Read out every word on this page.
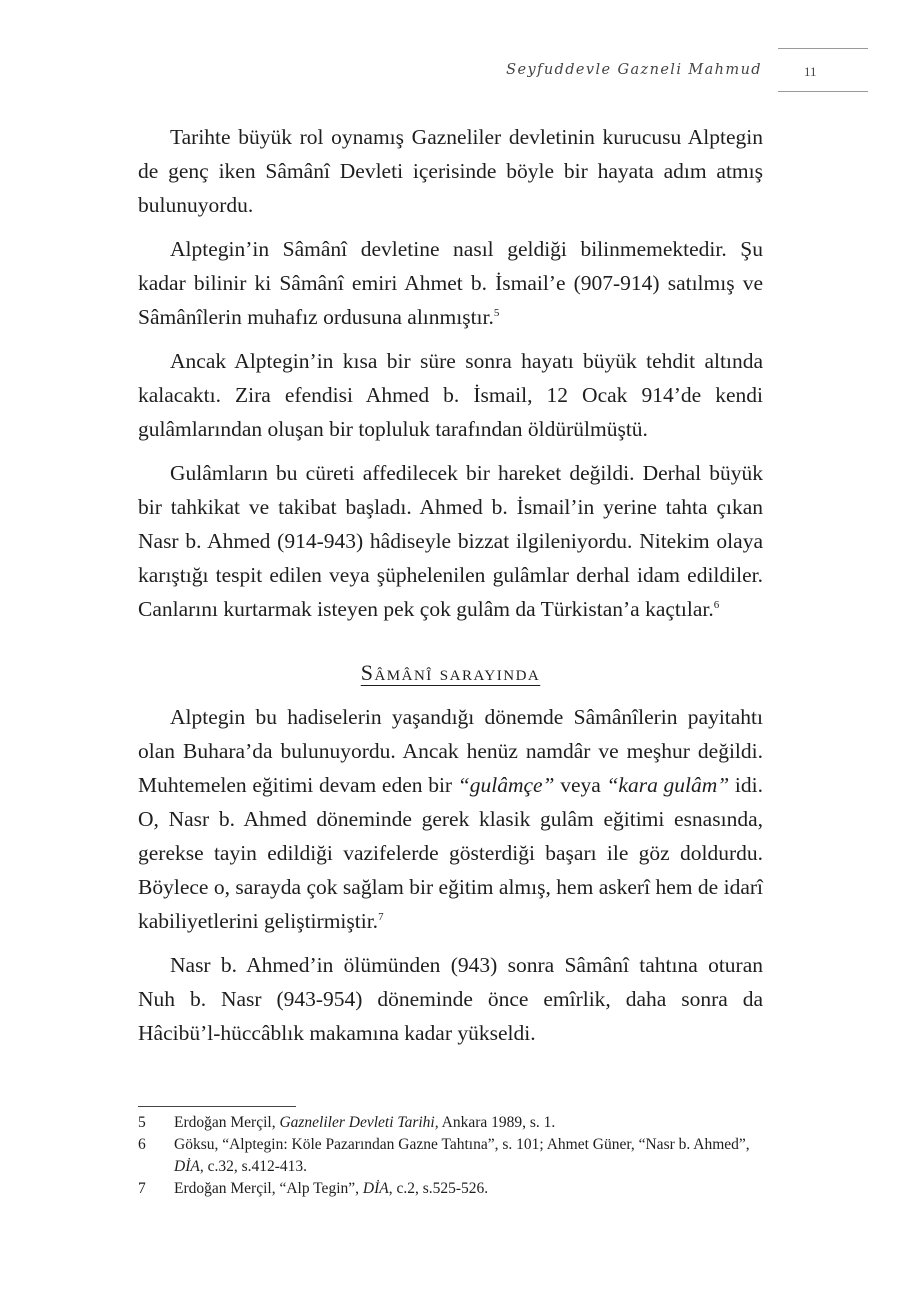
Seyfuddevle Gazneli Mahmud	11

Tarihte büyük rol oynamış Gazneliler devletinin kurucusu Alptegin de genç iken Sâmânî Devleti içerisinde böyle bir hayata adım atmış bulunuyordu.

Alptegin’in Sâmânî devletine nasıl geldiği bilinmemektedir. Şu kadar bilinir ki Sâmânî emiri Ahmet b. İsmail’e (907-914) satılmış ve Sâmânîlerin muhafız ordusuna alınmıştır.$^5$

Ancak Alptegin’in kısa bir süre sonra hayatı büyük tehdit altında kalacaktı. Zira efendisi Ahmed b. İsmail, 12 Ocak 914’de kendi gulâmlarından oluşan bir topluluk tarafından öldürülmüştü.

Gulâmların bu cüreti affedilecek bir hareket değildi. Derhal büyük bir tahkikat ve takibat başladı. Ahmed b. İsmail’in yerine tahta çıkan Nasr b. Ahmed (914-943) hâdiseyle bizzat ilgileniyordu. Nitekim olaya karıştığı tespit edilen veya şüphelenilen gulâmlar derhal idam edildiler. Canlarını kurtarmak isteyen pek çok gulâm da Türkistan’a kaçtılar.$^6$

Sâmânî sarayında

Alptegin bu hadiselerin yaşandığı dönemde Sâmânîlerin payitahtı olan Buhara’da bulunuyordu. Ancak henüz namdâr ve meşhur değildi. Muhtemelen eğitimi devam eden bir “gulâmçe” veya “kara gulâm” idi. O, Nasr b. Ahmed döneminde gerek klasik gulâm eğitimi esnasında, gerekse tayin edildiği vazifelerde gösterdiği başarı ile göz doldurdu. Böylece o, sarayda çok sağlam bir eğitim almış, hem askerî hem de idarî kabiliyetlerini geliştirmiştir.$^7$

Nasr b. Ahmed’in ölümünden (943) sonra Sâmânî tahtına oturan Nuh b. Nasr (943-954) döneminde önce emîrlik, daha sonra da Hâcibü’l-hüccâblık makamına kadar yükseldi.

5	Erdoğan Merçil, Gazneliler Devleti Tarihi, Ankara 1989, s. 1.
6	Göksu, “Alptegin: Köle Pazarından Gazne Tahtına”, s. 101; Ahmet Güner, “Nasr b. Ahmed”, DİA, c.32, s.412-413.
7	Erdoğan Merçil, “Alp Tegin”, DİA, c.2, s.525-526.
